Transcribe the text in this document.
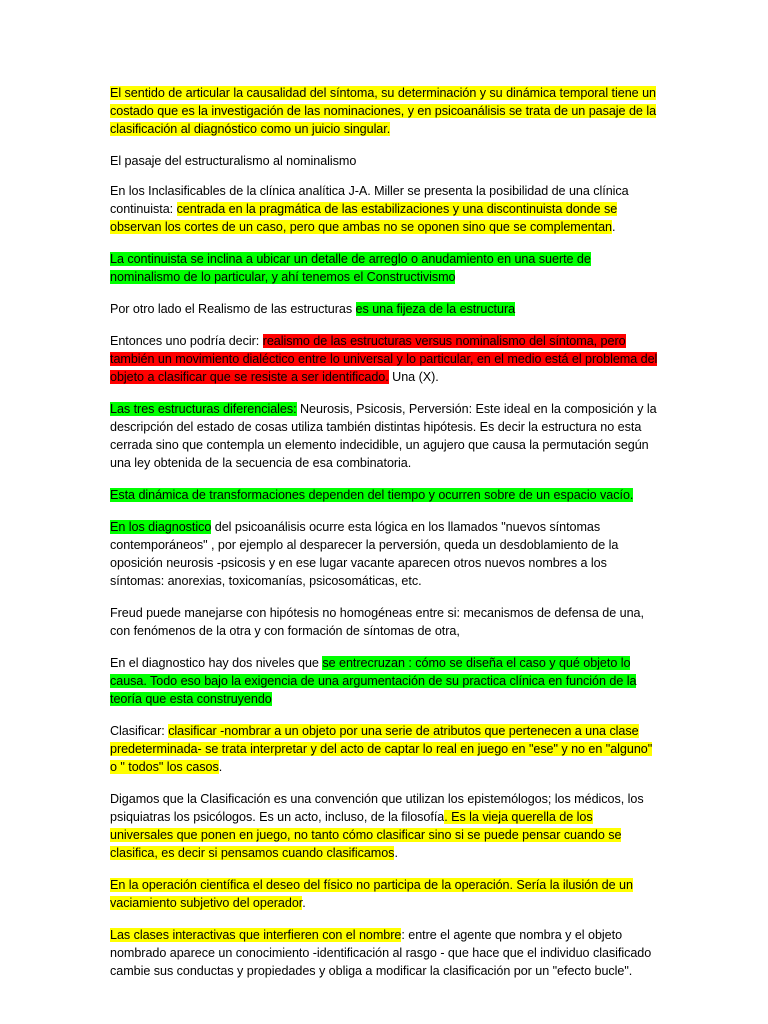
El sentido de articular la causalidad del síntoma, su determinación y su dinámica temporal tiene un costado que es la investigación de las nominaciones, y en psicoanálisis se trata de un pasaje de la clasificación al diagnóstico como un juicio singular.

El pasaje del estructuralismo al nominalismo

En los Inclasificables de la clínica analítica J-A. Miller se presenta la posibilidad de una clínica continuista: centrada en la pragmática de las estabilizaciones y una discontinuista donde se observan los cortes de un caso, pero que ambas no se oponen sino que se complementan.

La continuista se inclina a ubicar un detalle de arreglo o anudamiento en una suerte de nominalismo de lo particular, y ahí tenemos el Constructivismo

Por otro lado el Realismo de las estructuras es una fijeza de la estructura

Entonces uno podría decir: realismo de las estructuras versus nominalismo del síntoma, pero también un movimiento dialéctico entre lo universal y lo particular, en el medio está el problema del objeto a clasificar que se resiste a ser identificado. Una (X).

Las tres estructuras diferenciales: Neurosis, Psicosis, Perversión: Este ideal en la composición y la descripción del estado de cosas utiliza también distintas hipótesis. Es decir la estructura no esta cerrada sino que contempla un elemento indecidible, un agujero que causa la permutación según una ley obtenida de la secuencia de esa combinatoria.

Esta dinámica de transformaciones dependen del tiempo y ocurren sobre de un espacio vacío.

En los diagnostico del psicoanálisis ocurre esta lógica en los llamados "nuevos síntomas contemporáneos" , por ejemplo al desparecer la perversión, queda un desdoblamiento de la oposición neurosis -psicosis y en ese lugar vacante aparecen otros nuevos nombres a los síntomas: anorexias, toxicomanías, psicosomáticas, etc.

Freud puede manejarse con hipótesis no homogéneas entre si: mecanismos de defensa de una, con fenómenos de la otra y con formación de síntomas de otra,

En el diagnostico hay dos niveles que se entrecruzan : cómo se diseña el caso y qué objeto lo causa. Todo eso bajo la exigencia de una argumentación de su practica clínica en función de la teoría que esta construyendo

Clasificar: clasificar -nombrar a un objeto por una serie de atributos que pertenecen a una clase predeterminada- se trata interpretar y del acto de captar lo real en juego en "ese" y no en "alguno" o " todos" los casos.

Digamos que la Clasificación es una convención que utilizan los epistemólogos; los médicos, los psiquiatras los psicólogos. Es un acto, incluso, de la filosofía. Es la vieja querella de los universales que ponen en juego, no tanto cómo clasificar sino si se puede pensar cuando se clasifica, es decir si pensamos cuando clasificamos.

En la operación científica el deseo del físico no participa de la operación. Sería la ilusión de un vaciamiento subjetivo del operador.

Las clases interactivas que interfieren con el nombre: entre el agente que nombra y el objeto nombrado aparece un conocimiento -identificación al rasgo - que hace que el individuo clasificado cambie sus conductas y propiedades y obliga a modificar la clasificación por un "efecto bucle".
